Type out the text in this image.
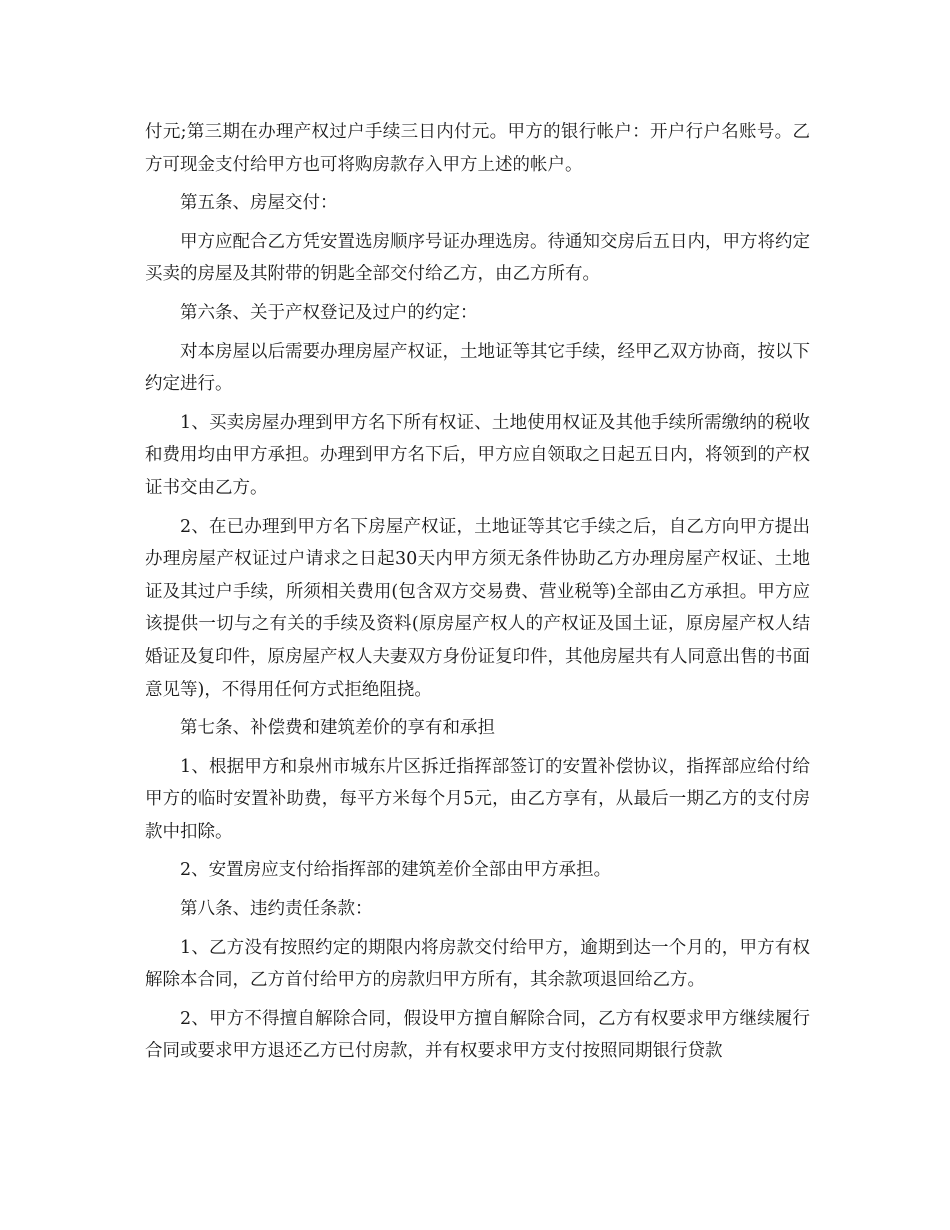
付元;第三期在办理产权过户手续三日内付元。甲方的银行帐户：开户行户名账号。乙方可现金支付给甲方也可将购房款存入甲方上述的帐户。

第五条、房屋交付：

甲方应配合乙方凭安置选房顺序号证办理选房。待通知交房后五日内，甲方将约定买卖的房屋及其附带的钥匙全部交付给乙方，由乙方所有。

第六条、关于产权登记及过户的约定：

对本房屋以后需要办理房屋产权证，土地证等其它手续，经甲乙双方协商，按以下约定进行。

1、买卖房屋办理到甲方名下所有权证、土地使用权证及其他手续所需缴纳的税收和费用均由甲方承担。办理到甲方名下后，甲方应自领取之日起五日内，将领到的产权证书交由乙方。

2、在已办理到甲方名下房屋产权证，土地证等其它手续之后，自乙方向甲方提出办理房屋产权证过户请求之日起30天内甲方须无条件协助乙方办理房屋产权证、土地证及其过户手续，所须相关费用(包含双方交易费、营业税等)全部由乙方承担。甲方应该提供一切与之有关的手续及资料(原房屋产权人的产权证及国土证，原房屋产权人结婚证及复印件，原房屋产权人夫妻双方身份证复印件，其他房屋共有人同意出售的书面意见等)，不得用任何方式拒绝阻挠。

第七条、补偿费和建筑差价的享有和承担

1、根据甲方和泉州市城东片区拆迁指挥部签订的安置补偿协议，指挥部应给付给甲方的临时安置补助费，每平方米每个月5元，由乙方享有，从最后一期乙方的支付房款中扣除。

2、安置房应支付给指挥部的建筑差价全部由甲方承担。

第八条、违约责任条款：

1、乙方没有按照约定的期限内将房款交付给甲方，逾期到达一个月的，甲方有权解除本合同，乙方首付给甲方的房款归甲方所有，其余款项退回给乙方。

2、甲方不得擅自解除合同，假设甲方擅自解除合同，乙方有权要求甲方继续履行合同或要求甲方退还乙方已付房款，并有权要求甲方支付按照同期银行贷款
